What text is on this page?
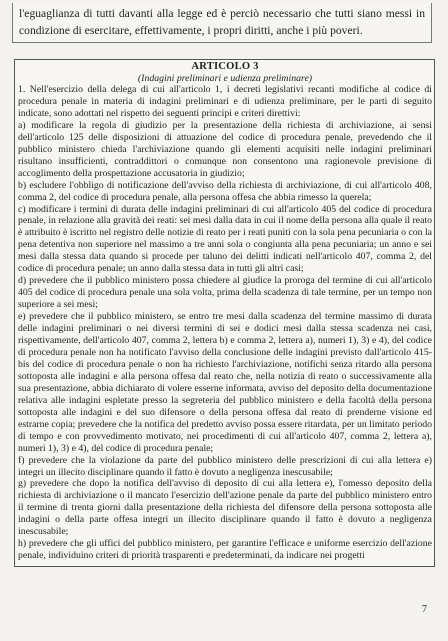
l'eguaglianza di tutti davanti alla legge ed è perciò necessario che tutti siano messi in condizione di esercitare, effettivamente, i propri diritti, anche i più poveri.

ARTICOLO 3
(Indagini preliminari e udienza preliminare)

1. Nell'esercizio della delega di cui all'articolo 1, i decreti legislativi recanti modifiche al codice di procedura penale in materia di indagini preliminari e di udienza preliminare, per le parti di seguito indicate, sono adottati nel rispetto dei seguenti principi e criteri direttivi:

a) modificare la regola di giudizio per la presentazione della richiesta di archiviazione, ai sensi dell'articolo 125 delle disposizioni di attuazione del codice di procedura penale, prevedendo che il pubblico ministero chieda l'archiviazione quando gli elementi acquisiti nelle indagini preliminari risultano insufficienti, contraddittori o comunque non consentono una ragionevole previsione di accoglimento della prospettazione accusatoria in giudizio;

b) escludere l'obbligo di notificazione dell'avviso della richiesta di archiviazione, di cui all'articolo 408, comma 2, del codice di procedura penale, alla persona offesa che abbia rimesso la querela;

c) modificare i termini di durata delle indagini preliminari di cui all'articolo 405 del codice di procedura penale, in relazione alla gravità dei reati: sei mesi dalla data in cui il nome della persona alla quale il reato è attribuito è iscritto nel registro delle notizie di reato per i reati puniti con la sola pena pecuniaria o con la pena detentiva non superiore nel massimo a tre anni sola o congiunta alla pena pecuniaria; un anno e sei mesi dalla stessa data quando si procede per taluno dei delitti indicati nell'articolo 407, comma 2, del codice di procedura penale; un anno dalla stessa data in tutti gli altri casi;

d) prevedere che il pubblico ministero possa chiedere al giudice la proroga del termine di cui all'articolo 405 del codice di procedura penale una sola volta, prima della scadenza di tale termine, per un tempo non superiore a sei mesi;

e) prevedere che il pubblico ministero, se entro tre mesi dalla scadenza del termine massimo di durata delle indagini preliminari o nei diversi termini di sei e dodici mesi dalla stessa scadenza nei casi, rispettivamente, dell'articolo 407, comma 2, lettera b) e comma 2, lettera a), numeri 1), 3) e 4), del codice di procedura penale non ha notificato l'avviso della conclusione delle indagini previsto dall'articolo 415-bis del codice di procedura penale o non ha richiesto l'archiviazione, notifichi senza ritardo alla persona sottoposta alle indagini e alla persona offesa dal reato che, nella notizia di reato o successivamente alla sua presentazione, abbia dichiarato di volere esserne informata, avviso del deposito della documentazione relativa alle indagini espletate presso la segreteria del pubblico ministero e della facoltà della persona sottoposta alle indagini e del suo difensore o della persona offesa dal reato di prenderne visione ed estrarne copia; prevedere che la notifica del predetto avviso possa essere ritardata, per un limitato periodo di tempo e con provvedimento motivato, nei procedimenti di cui all'articolo 407, comma 2, lettera a), numeri 1), 3) e 4), del codice di procedura penale;

f) prevedere che la violazione da parte del pubblico ministero delle prescrizioni di cui alla lettera e) integri un illecito disciplinare quando il fatto è dovuto a negligenza inescusabile;

g) prevedere che dopo la notifica dell'avviso di deposito di cui alla lettera e), l'omesso deposito della richiesta di archiviazione o il mancato l'esercizio dell'azione penale da parte del pubblico ministero entro il termine di trenta giorni dalla presentazione della richiesta del difensore della persona sottoposta alle indagini o della parte offesa integri un illecito disciplinare quando il fatto è dovuto a negligenza inescusabile;

h) prevedere che gli uffici del pubblico ministero, per garantire l'efficace e uniforme esercizio dell'azione penale, individuino criteri di priorità trasparenti e predeterminati, da indicare nei progetti

7
